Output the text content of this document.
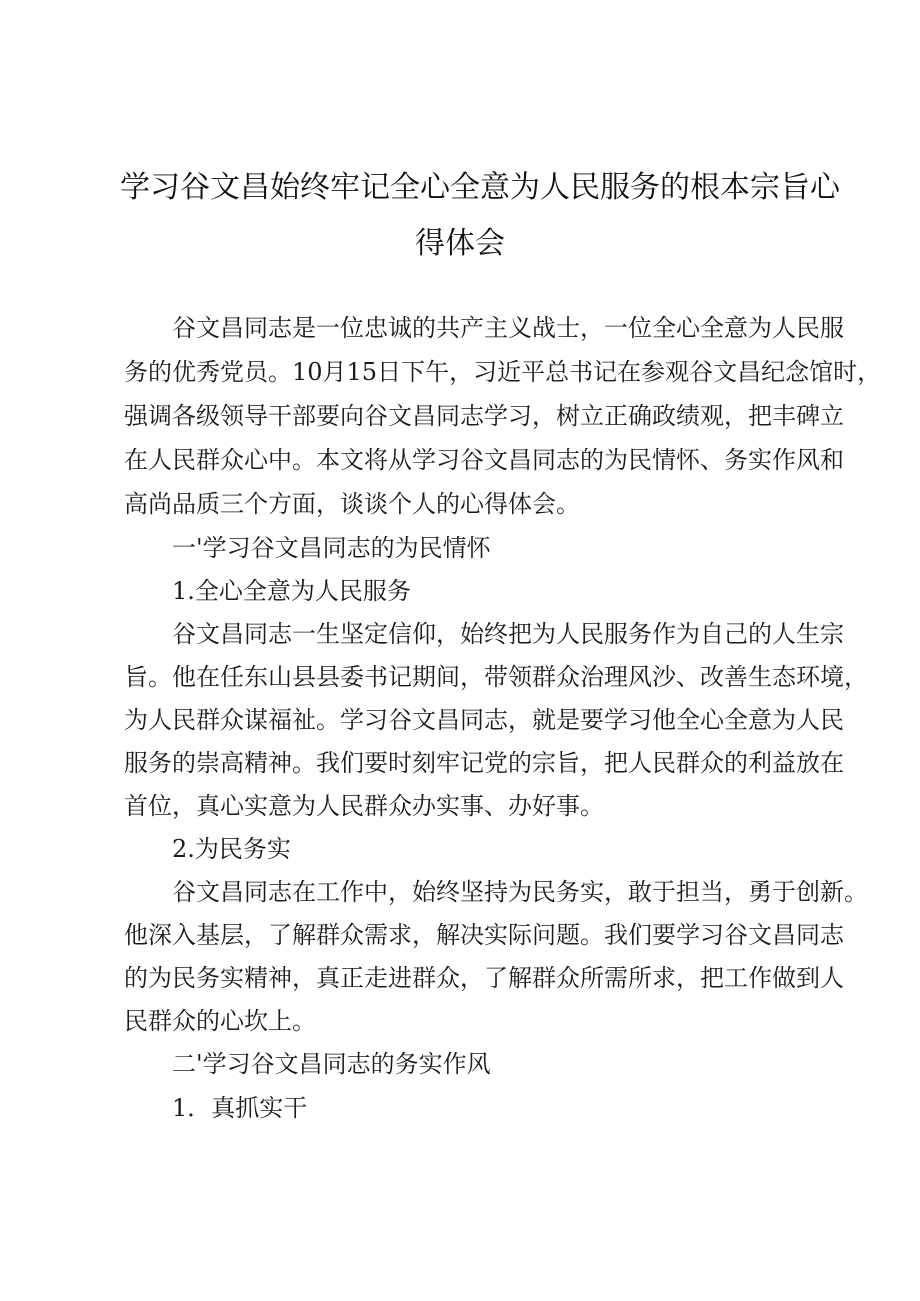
学习谷文昌始终牢记全心全意为人民服务的根本宗旨心
得体会
谷文昌同志是一位忠诚的共产主义战士，一位全心全意为人民服
务的优秀党员。10月15日下午，习近平总书记在参观谷文昌纪念馆时，
强调各级领导干部要向谷文昌同志学习，树立正确政绩观，把丰碑立
在人民群众心中。本文将从学习谷文昌同志的为民情怀、务实作风和
高尚品质三个方面，谈谈个人的心得体会。
一'学习谷文昌同志的为民情怀
1.全心全意为人民服务
谷文昌同志一生坚定信仰，始终把为人民服务作为自己的人生宗
旨。他在任东山县县委书记期间，带领群众治理风沙、改善生态环境，
为人民群众谋福祉。学习谷文昌同志，就是要学习他全心全意为人民
服务的崇高精神。我们要时刻牢记党的宗旨，把人民群众的利益放在
首位，真心实意为人民群众办实事、办好事。
2.为民务实
谷文昌同志在工作中，始终坚持为民务实，敢于担当，勇于创新。
他深入基层，了解群众需求，解决实际问题。我们要学习谷文昌同志
的为民务实精神，真正走进群众，了解群众所需所求，把工作做到人
民群众的心坎上。
二'学习谷文昌同志的务实作风
1．真抓实干
